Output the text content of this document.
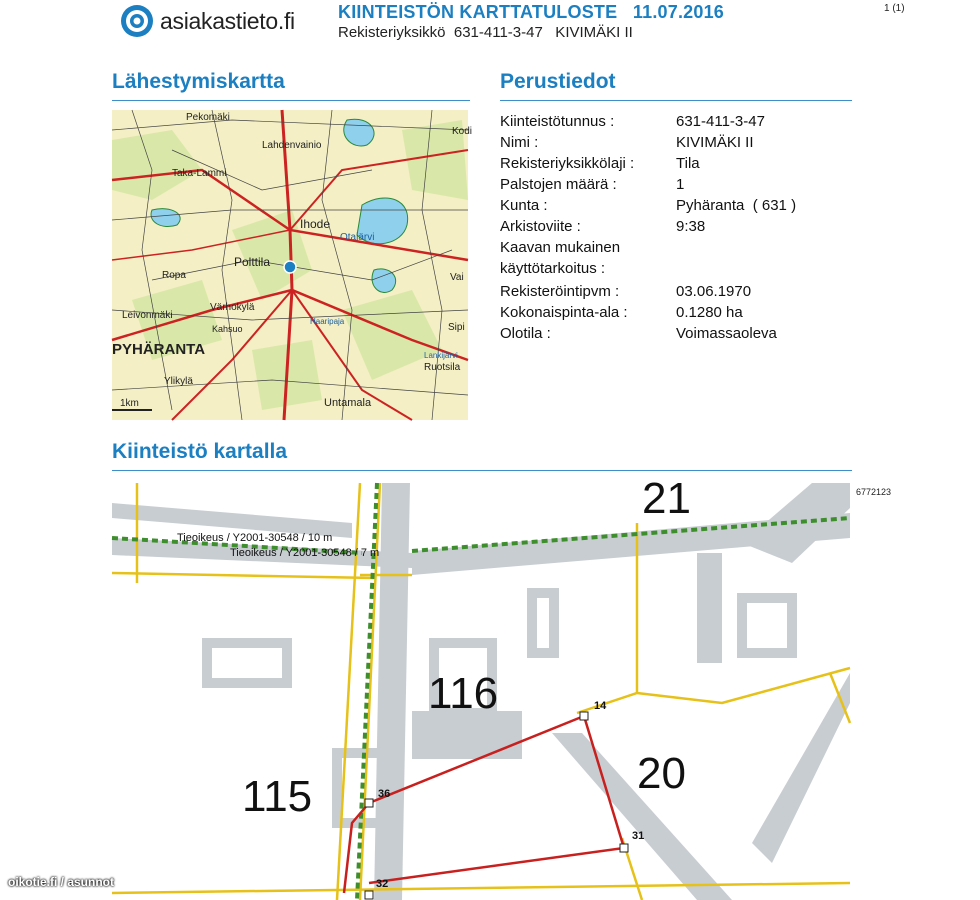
asiakastieto.fi KIINTEISTÖN KARTTATULOSTE   11.07.2016
Rekisteriyksikkö  631-411-3-47   KIVIMÄKI II
1 (1)
Lähestymiskartta	Perustiedot
Kiinteistö kartalla
Kiinteistötunnus :	631-411-3-47
Nimi :	KIVIMÄKI II
Rekisteriyksikkölaji :	Tila
Palstojen määrä :	1
Kunta :	Pyhäranta  ( 631 )
Arkistoviite :	9:38
Kaavan mukainen
käyttötarkoitus :
Rekisteröintipvm :	03.06.1970
Kokonaispinta-ala :	0.1280 ha
Olotila :	Voimassaoleva
Pekomäki
Lahdenvainio
Taka-Lammi
Ihode
Otajärvi
Polttila
Ropa
Värhokylä
Leivonmäki
Kahsuo
PYHÄRANTA
Ylikylä
Untamala
Ruotsila
Kodi
Vai
Sipi
Lankijärvi
Haaripaja
1km
14
36
31
32
21
116
115	20
Tieoikeus / Y2001-30548 / 10 m
Tieoikeus / Y2001-30548 / 7 m
6772123
oikotie.fi / asunnot
